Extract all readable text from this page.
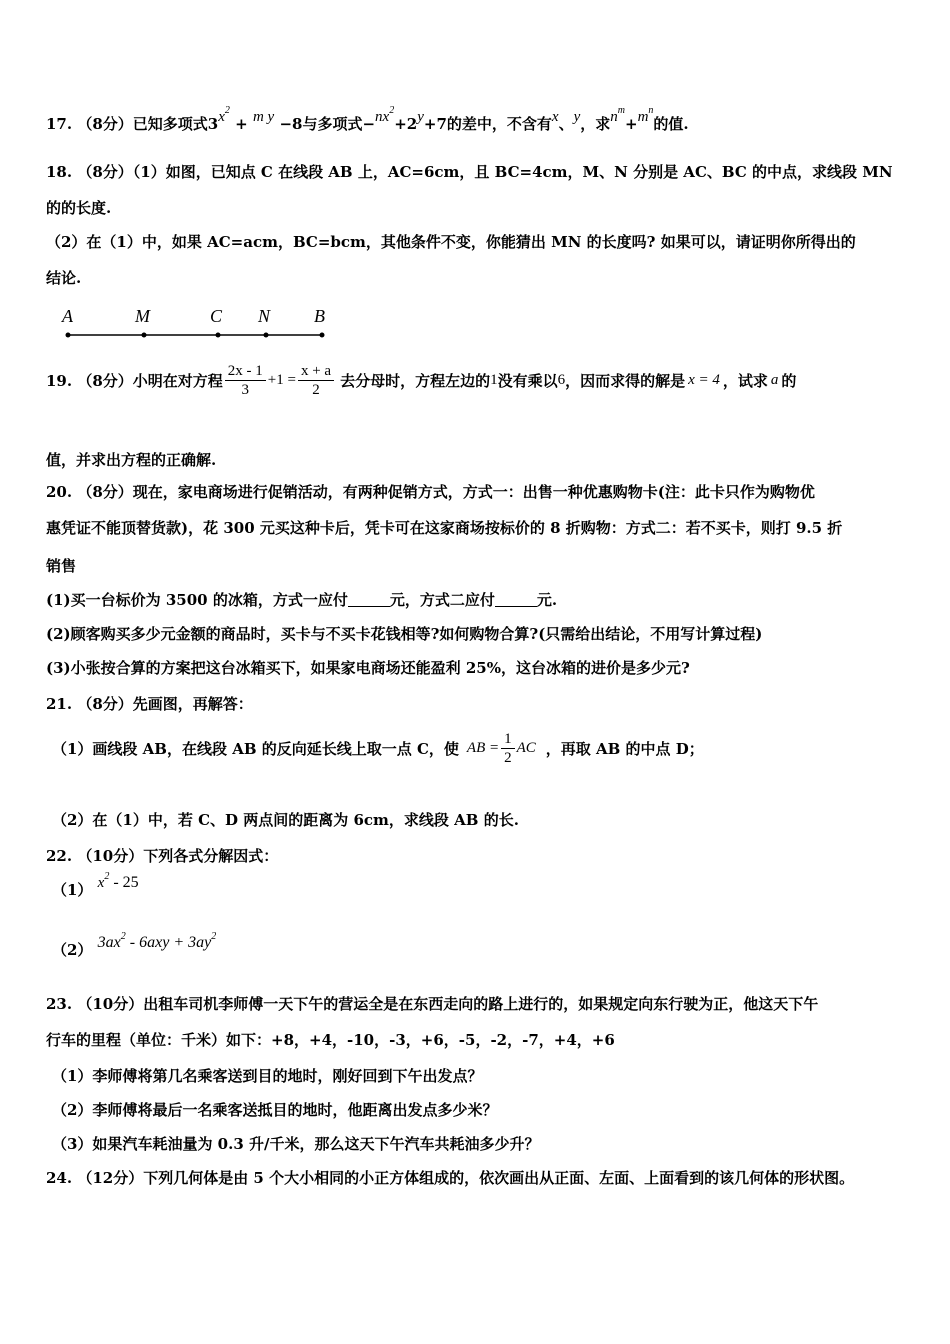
17. （8分）已知多项式$3x^2 + m$ y −8与多项式$-nx^2+2y+7$的差中，不含有x、y，求$n^m+m^n$的值.
18. （8分）（1）如图，已知点 C 在线段 AB 上，AC=6cm，且 BC=4cm，M、N 分别是 AC、BC 的中点，求线段 MN
的的长度.
（2）在（1）中，如果 AC=acm，BC=bcm，其他条件不变，你能猜出 MN 的长度吗? 如果可以，请证明你所得出的
结论.
A	M	C N B
19. （8分）小明在对方程 $\frac{2x - 1}{3} +1 = \frac{x + a}{2}$ 去分母时，方程左边的 1 没有乘以 6 ，因而求得的解是 x = 4 ，试求 a 的
值，并求出方程的正确解.
20. （8分）现在，家电商场进行促销活动，有两种促销方式，方式一：出售一种优惠购物卡(注：此卡只作为购物优
惠凭证不能顶替货款)，花 300 元买这种卡后，凭卡可在这家商场按标价的 8 折购物：方式二：若不买卡，则打 9.5 折
销售
(1)买一台标价为 3500 的冰箱，方式一应付	元，方式二应付	元.
(2)顾客购买多少元金额的商品时，买卡与不买卡花钱相等?如何购物合算?(只需给出结论，不用写计算过程)
(3)小张按合算的方案把这台冰箱买下，如果家电商场还能盈利 25%，这台冰箱的进价是多少元?
21. （8分）先画图，再解答：
（1）画线段 AB，在线段 AB 的反向延长线上取一点 C，使 AB = $\frac{1}{2}$ AC ，再取 AB 的中点 D；
（2）在（1）中，若 C、D 两点间的距离为 6cm，求线段 AB 的长.
22. （10分）下列各式分解因式：
（1） $x^2 - 25$
（2） $3ax^2 - 6axy + 3ay^2$
23. （10分）出租车司机李师傅一天下午的营运全是在东西走向的路上进行的，如果规定向东行驶为正，他这天下午
行车的里程（单位：千米）如下：+8，+4，-10，-3，+6，-5，-2，-7，+4，+6
（1）李师傅将第几名乘客送到目的地时，刚好回到下午出发点？
（2）李师傅将最后一名乘客送抵目的地时，他距离出发点多少米？
（3）如果汽车耗油量为 0.3 升/千米，那么这天下午汽车共耗油多少升？
24. （12分）下列几何体是由 5 个大小相同的小正方体组成的，依次画出从正面、左面、上面看到的该几何体的形状图。
